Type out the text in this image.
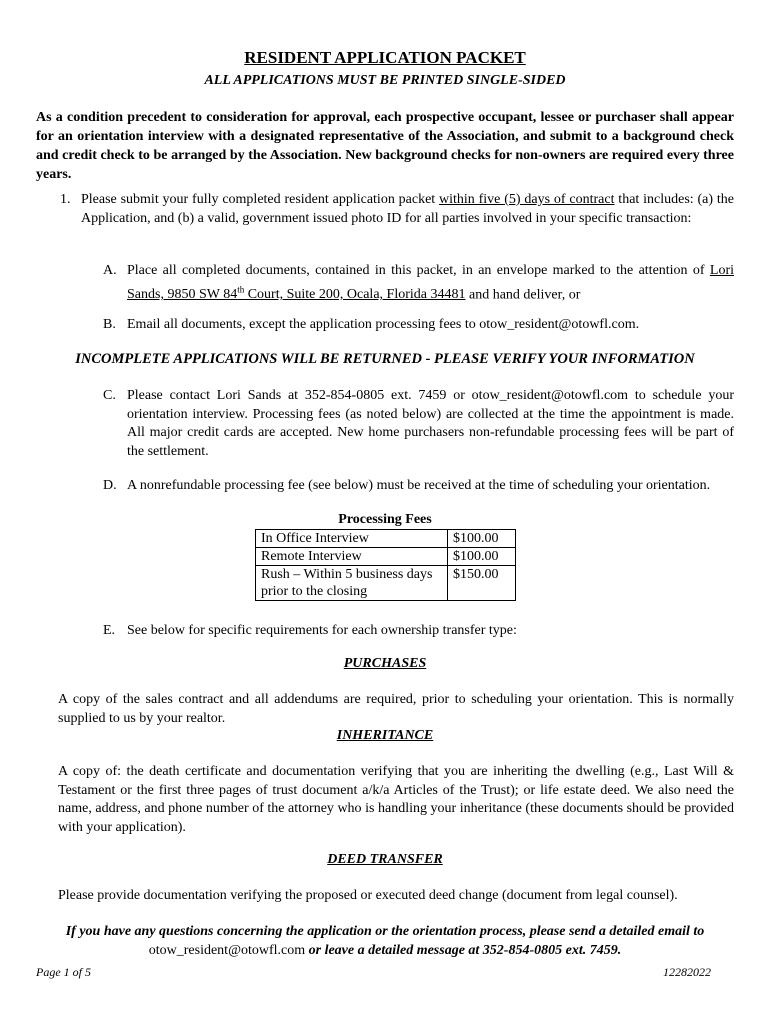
RESIDENT APPLICATION PACKET
ALL APPLICATIONS MUST BE PRINTED SINGLE-SIDED
As a condition precedent to consideration for approval, each prospective occupant, lessee or purchaser shall appear for an orientation interview with a designated representative of the Association, and submit to a background check and credit check to be arranged by the Association. New background checks for non-owners are required every three years.
1. Please submit your fully completed resident application packet within five (5) days of contract that includes: (a) the Application, and (b) a valid, government issued photo ID for all parties involved in your specific transaction:
A. Place all completed documents, contained in this packet, in an envelope marked to the attention of Lori Sands, 9850 SW 84th Court, Suite 200, Ocala, Florida 34481 and hand deliver, or
B. Email all documents, except the application processing fees to otow_resident@otowfl.com.
INCOMPLETE APPLICATIONS WILL BE RETURNED - PLEASE VERIFY YOUR INFORMATION
C. Please contact Lori Sands at 352-854-0805 ext. 7459 or otow_resident@otowfl.com to schedule your orientation interview. Processing fees (as noted below) are collected at the time the appointment is made. All major credit cards are accepted. New home purchasers non-refundable processing fees will be part of the settlement.
D. A nonrefundable processing fee (see below) must be received at the time of scheduling your orientation.
Processing Fees
In Office Interview	$100.00
Remote Interview	$100.00
Rush – Within 5 business days prior to the closing	$150.00
E. See below for specific requirements for each ownership transfer type:
PURCHASES
A copy of the sales contract and all addendums are required, prior to scheduling your orientation. This is normally supplied to us by your realtor.
INHERITANCE
A copy of: the death certificate and documentation verifying that you are inheriting the dwelling (e.g., Last Will & Testament or the first three pages of trust document a/k/a Articles of the Trust); or life estate deed. We also need the name, address, and phone number of the attorney who is handling your inheritance (these documents should be provided with your application).
DEED TRANSFER
Please provide documentation verifying the proposed or executed deed change (document from legal counsel).
If you have any questions concerning the application or the orientation process, please send a detailed email to
otow_resident@otowfl.com or leave a detailed message at 352-854-0805 ext. 7459.
Page 1 of 5	12282022
